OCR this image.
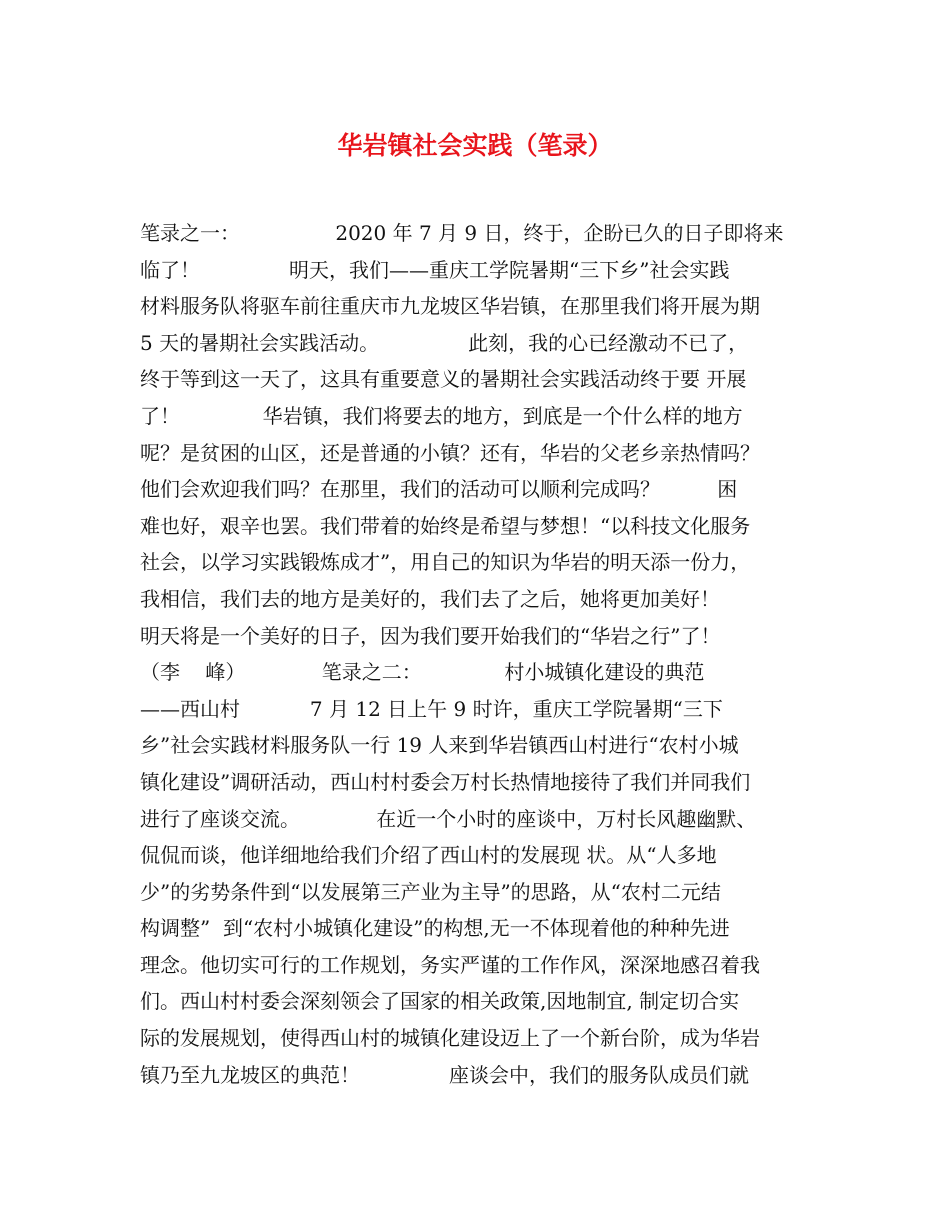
华岩镇社会实践（笔录）
笔录之一：               2020 年 7 月 9 日，终于，企盼已久的日子即将来
临了！              明天，我们——重庆工学院暑期“三下乡”社会实践
材料服务队将驱车前往重庆市九龙坡区华岩镇，在那里我们将开展为期
5 天的暑期社会实践活动。              此刻，我的心已经激动不已了，
终于等到这一天了，这具有重要意义的暑期社会实践活动终于要 开展
了！             华岩镇，我们将要去的地方，到底是一个什么样的地方
呢？是贫困的山区，还是普通的小镇？还有，华岩的父老乡亲热情吗？
他们会欢迎我们吗？在那里，我们的活动可以顺利完成吗？         困
难也好，艰辛也罢。我们带着的始终是希望与梦想！“以科技文化服务
社会，以学习实践锻炼成才”，用自己的知识为华岩的明天添一份力，
我相信，我们去的地方是美好的，我们去了之后，她将更加美好！
明天将是一个美好的日子，因为我们要开始我们的“华岩之行”了！
（李    峰）            笔录之二：             村小城镇化建设的典范
——西山村           7 月 12 日上午 9 时许，重庆工学院暑期“三下
乡”社会实践材料服务队一行 19 人来到华岩镇西山村进行“农村小城
镇化建设”调研活动，西山村村委会万村长热情地接待了我们并同我们
进行了座谈交流。            在近一个小时的座谈中，万村长风趣幽默、
侃侃而谈，他详细地给我们介绍了西山村的发展现 状。从“人多地
少”的劣势条件到“以发展第三产业为主导”的思路，从“农村二元结
构调整”  到“农村小城镇化建设”的构想,无一不体现着他的种种先进
理念。他切实可行的工作规划，务实严谨的工作作风，深深地感召着我
们。西山村村委会深刻领会了国家的相关政策,因地制宜, 制定切合实
际的发展规划，使得西山村的城镇化建设迈上了一个新台阶，成为华岩
镇乃至九龙坡区的典范！              座谈会中，我们的服务队成员们就
